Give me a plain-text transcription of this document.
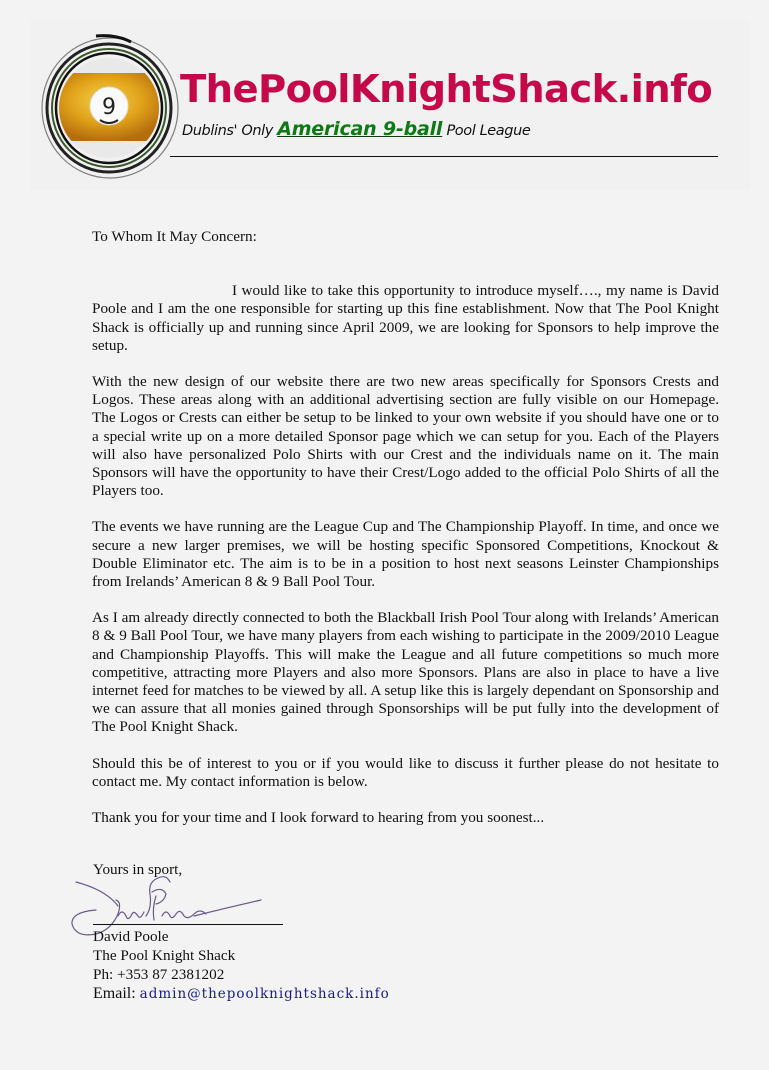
9 ThePoolKnightShack.info
Dublins' Only American 9-ball Pool League

To Whom It May Concern:

I would like to take this opportunity to introduce myself…., my name is David Poole and I am the one responsible for starting up this fine establishment. Now that The Pool Knight Shack is officially up and running since April 2009, we are looking for Sponsors to help improve the setup.

With the new design of our website there are two new areas specifically for Sponsors Crests and Logos. These areas along with an additional advertising section are fully visible on our Homepage. The Logos or Crests can either be setup to be linked to your own website if you should have one or to a special write up on a more detailed Sponsor page which we can setup for you. Each of the Players will also have personalized Polo Shirts with our Crest and the individuals name on it. The main Sponsors will have the opportunity to have their Crest/Logo added to the official Polo Shirts of all the Players too.

The events we have running are the League Cup and The Championship Playoff. In time, and once we secure a new larger premises, we will be hosting specific Sponsored Competitions, Knockout & Double Eliminator etc. The aim is to be in a position to host next seasons Leinster Championships from Irelands’ American 8 & 9 Ball Pool Tour.

As I am already directly connected to both the Blackball Irish Pool Tour along with Irelands’ American 8 & 9 Ball Pool Tour, we have many players from each wishing to participate in the 2009/2010 League and Championship Playoffs. This will make the League and all future competitions so much more competitive, attracting more Players and also more Sponsors. Plans are also in place to have a live internet feed for matches to be viewed by all. A setup like this is largely dependant on Sponsorship and we can assure that all monies gained through Sponsorships will be put fully into the development of The Pool Knight Shack.

Should this be of interest to you or if you would like to discuss it further please do not hesitate to contact me. My contact information is below.

Thank you for your time and I look forward to hearing from you soonest...

Yours in sport,
David Poole
The Pool Knight Shack
Ph: +353 87 2381202
Email: admin@thepoolknightshack.info
